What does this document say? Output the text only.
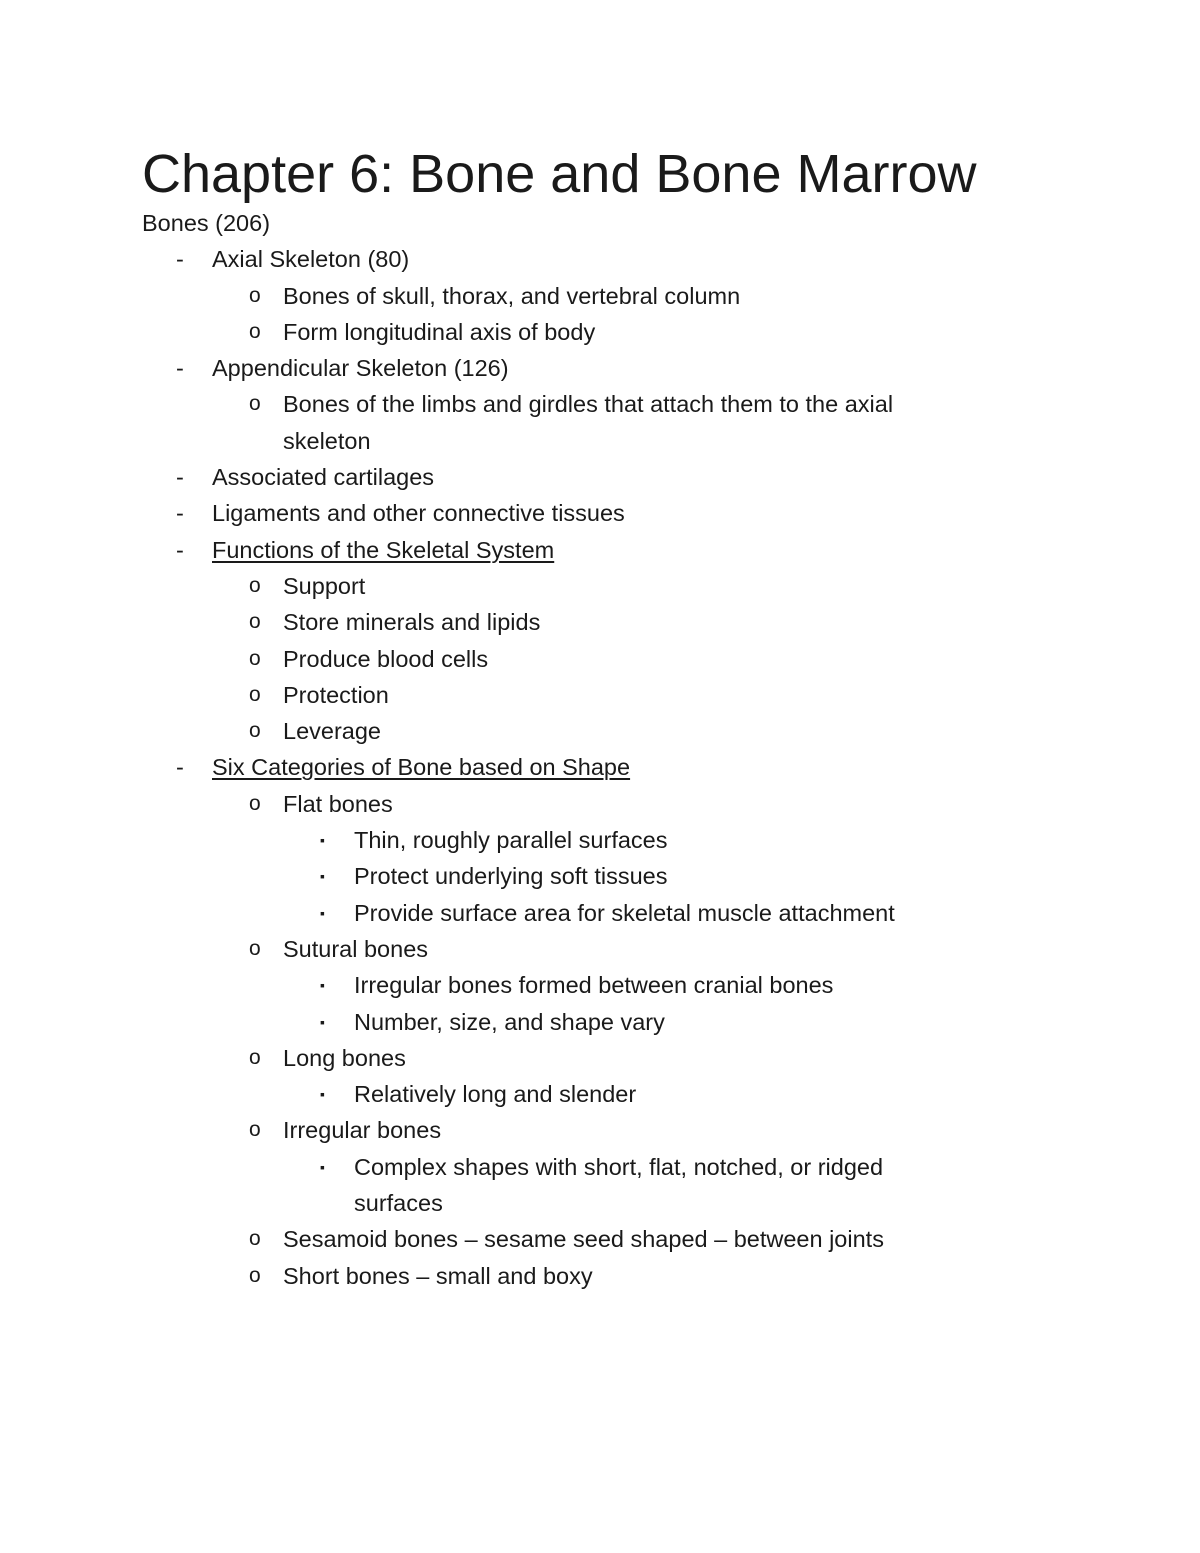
Chapter 6: Bone and Bone Marrow
Bones (206)
- Axial Skeleton (80)
o Bones of skull, thorax, and vertebral column
o Form longitudinal axis of body
- Appendicular Skeleton (126)
o Bones of the limbs and girdles that attach them to the axial
skeleton
- Associated cartilages
- Ligaments and other connective tissues
- Functions of the Skeletal System
o Support
o Store minerals and lipids
o Produce blood cells
o Protection
o Leverage
- Six Categories of Bone based on Shape
o Flat bones
▪ Thin, roughly parallel surfaces
▪ Protect underlying soft tissues
▪ Provide surface area for skeletal muscle attachment
o Sutural bones
▪ Irregular bones formed between cranial bones
▪ Number, size, and shape vary
o Long bones
▪ Relatively long and slender
o Irregular bones
▪ Complex shapes with short, flat, notched, or ridged
surfaces
o Sesamoid bones – sesame seed shaped – between joints
o Short bones – small and boxy
